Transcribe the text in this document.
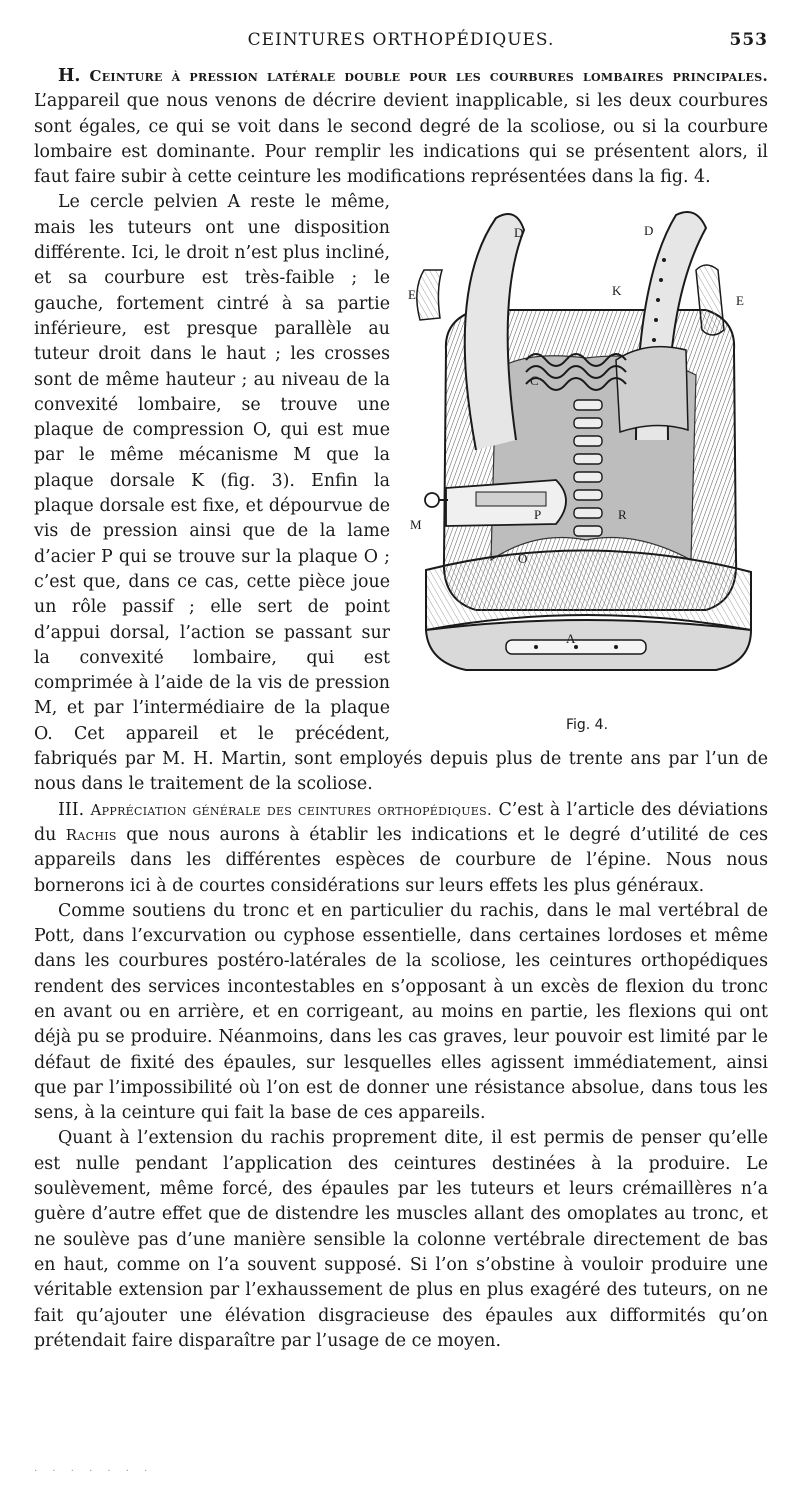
CEINTURES ORTHOPÉDIQUES.	553

H. Ceinture à pression latérale double pour les courbures lombaires principales. L’appareil que nous venons de décrire devient inapplicable, si les deux courbures sont égales, ce qui se voit dans le second degré de la scoliose, ou si la courbure lombaire est dominante. Pour remplir les indications qui se présentent alors, il faut faire subir à cette ceinture les modifications représentées dans la fig. 4.

D	D
E	E
K
C
M
P	R
O
A
Fig. 4.

Le cercle pelvien A reste le même, mais les tuteurs ont une disposition différente. Ici, le droit n’est plus incliné, et sa courbure est très-faible ; le gauche, fortement cintré à sa partie inférieure, est presque parallèle au tuteur droit dans le haut ; les crosses sont de même hauteur ; au niveau de la convexité lombaire, se trouve une plaque de compression O, qui est mue par le même mécanisme M que la plaque dorsale K (fig. 3). Enfin la plaque dorsale est fixe, et dépourvue de vis de pression ainsi que de la lame d’acier P qui se trouve sur la plaque O ; c’est que, dans ce cas, cette pièce joue un rôle passif ; elle sert de point d’appui dorsal, l’action se passant sur la convexité lombaire, qui est comprimée à l’aide de la vis de pression M, et par l’intermédiaire de la plaque O. Cet appareil et le précédent, fabriqués par M. H. Martin, sont employés depuis plus de trente ans par l’un de nous dans le traitement de la scoliose.

III. Appréciation générale des ceintures orthopédiques. C’est à l’article des déviations du Rachis que nous aurons à établir les indications et le degré d’utilité de ces appareils dans les différentes espèces de courbure de l’épine. Nous nous bornerons ici à de courtes considérations sur leurs effets les plus généraux.

Comme soutiens du tronc et en particulier du rachis, dans le mal vertébral de Pott, dans l’excurvation ou cyphose essentielle, dans certaines lordoses et même dans les courbures postéro-latérales de la scoliose, les ceintures orthopédiques rendent des services incontestables en s’opposant à un excès de flexion du tronc en avant ou en arrière, et en corrigeant, au moins en partie, les flexions qui ont déjà pu se produire. Néanmoins, dans les cas graves, leur pouvoir est limité par le défaut de fixité des épaules, sur lesquelles elles agissent immédiatement, ainsi que par l’impossibilité où l’on est de donner une résistance absolue, dans tous les sens, à la ceinture qui fait la base de ces appareils.

Quant à l’extension du rachis proprement dite, il est permis de penser qu’elle est nulle pendant l’application des ceintures destinées à la produire. Le soulèvement, même forcé, des épaules par les tuteurs et leurs crémaillères n’a guère d’autre effet que de distendre les muscles allant des omoplates au tronc, et ne soulève pas d’une manière sensible la colonne vertébrale directement de bas en haut, comme on l’a souvent supposé. Si l’on s’obstine à vouloir produire une véritable extension par l’exhaussement de plus en plus exagéré des tuteurs, on ne fait qu’ajouter une élévation disgracieuse des épaules aux difformités qu’on prétendait faire disparaître par l’usage de ce moyen.

· · · · · · ·
